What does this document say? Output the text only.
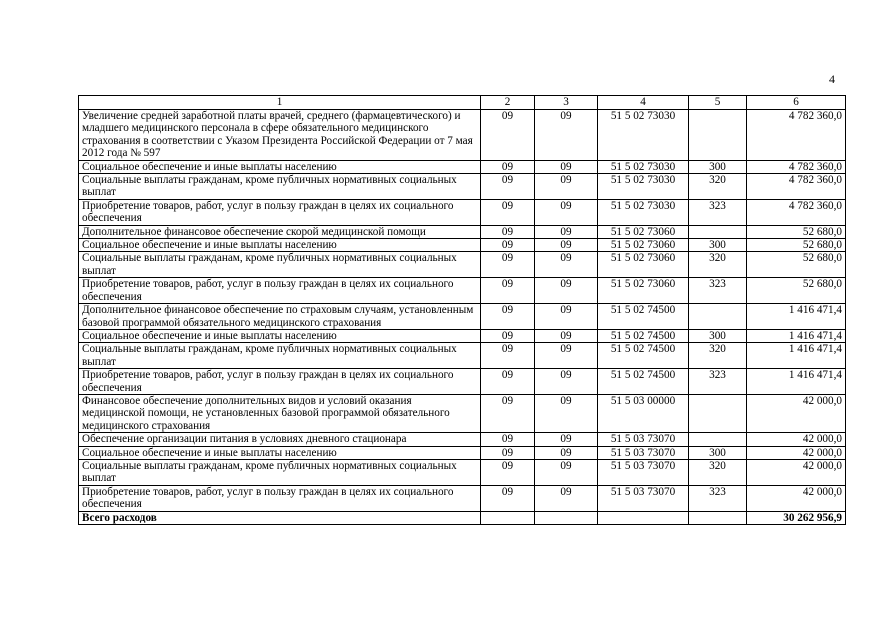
4
1	2	3	4	5	6
Увеличение средней заработной платы врачей, среднего (фармацевтического) и младшего медицинского персонала в сфере обязательного медицинского страхования в соответствии с Указом Президента Российской Федерации от 7 мая 2012 года № 597	09	09	51 5 02 73030		4 782 360,0
Социальное обеспечение и иные выплаты населению	09	09	51 5 02 73030	300	4 782 360,0
Социальные выплаты гражданам, кроме публичных нормативных социальных выплат	09	09	51 5 02 73030	320	4 782 360,0
Приобретение товаров, работ, услуг в пользу граждан в целях их социального обеспечения	09	09	51 5 02 73030	323	4 782 360,0
Дополнительное финансовое обеспечение скорой медицинской помощи	09	09	51 5 02 73060		52 680,0
Социальное обеспечение и иные выплаты населению	09	09	51 5 02 73060	300	52 680,0
Социальные выплаты гражданам, кроме публичных нормативных социальных выплат	09	09	51 5 02 73060	320	52 680,0
Приобретение товаров, работ, услуг в пользу граждан в целях их социального обеспечения	09	09	51 5 02 73060	323	52 680,0
Дополнительное финансовое обеспечение по страховым случаям, установленным базовой программой обязательного медицинского страхования	09	09	51 5 02 74500		1 416 471,4
Социальное обеспечение и иные выплаты населению	09	09	51 5 02 74500	300	1 416 471,4
Социальные выплаты гражданам, кроме публичных нормативных социальных выплат	09	09	51 5 02 74500	320	1 416 471,4
Приобретение товаров, работ, услуг в пользу граждан в целях их социального обеспечения	09	09	51 5 02 74500	323	1 416 471,4
Финансовое обеспечение дополнительных видов и условий оказания медицинской помощи, не установленных базовой программой обязательного медицинского страхования	09	09	51 5 03 00000		42 000,0
Обеспечение организации питания в условиях дневного стационара	09	09	51 5 03 73070		42 000,0
Социальное обеспечение и иные выплаты населению	09	09	51 5 03 73070	300	42 000,0
Социальные выплаты гражданам, кроме публичных нормативных социальных выплат	09	09	51 5 03 73070	320	42 000,0
Приобретение товаров, работ, услуг в пользу граждан в целях их социального обеспечения	09	09	51 5 03 73070	323	42 000,0
Всего расходов					30 262 956,9
